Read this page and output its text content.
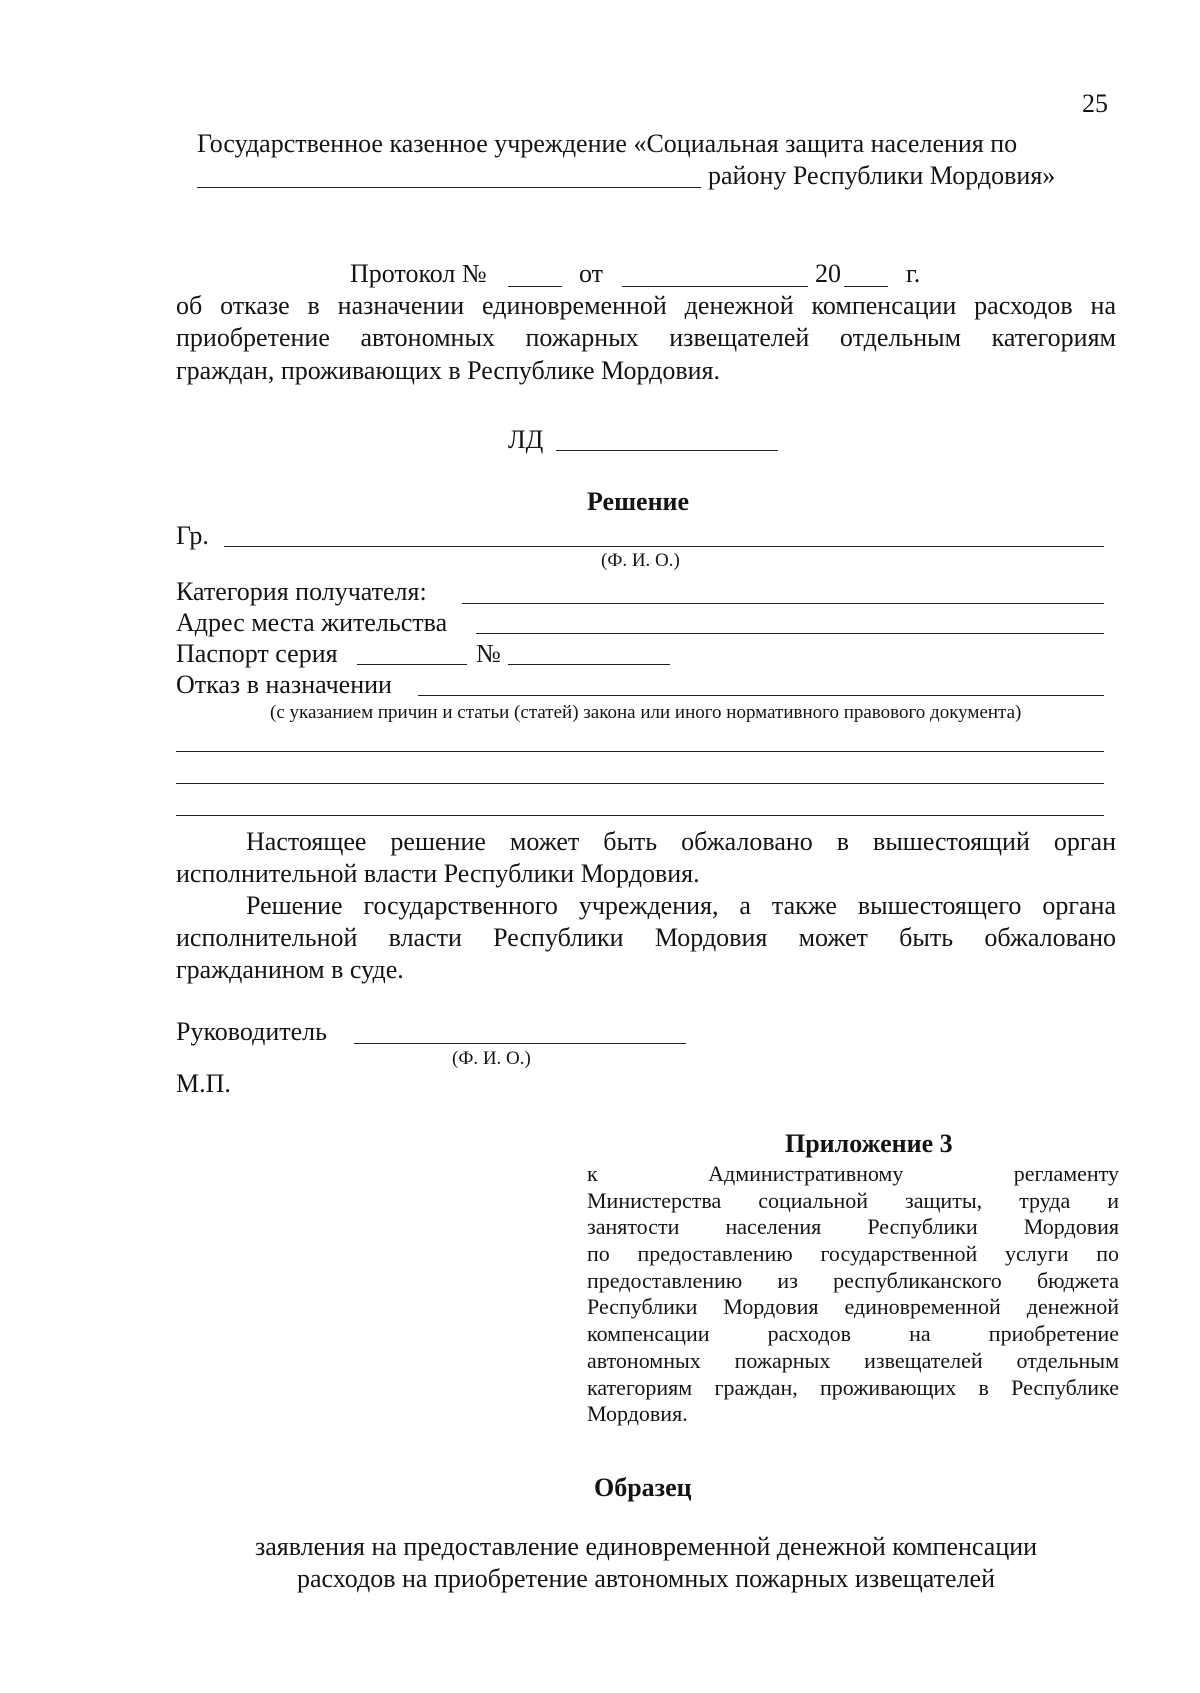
25
Государственное казенное учреждение «Социальная защита населения по
району Республики Мордовия»
Протокол №	от	20	г.
об отказе в назначении единовременной денежной компенсации расходов на
приобретение автономных пожарных извещателей отдельным категориям
граждан, проживающих в Республике Мордовия.
ЛД
Решение
Гр.
(Ф. И. О.)
Категория получателя:
Адрес места жительства
Паспорт серия	№
Отказ в назначении
(с указанием причин и статьи (статей) закона или иного нормативного правового документа)
Настоящее решение может быть обжаловано в вышестоящий орган
исполнительной власти Республики Мордовия.
Решение государственного учреждения, а также вышестоящего органа
исполнительной власти Республики Мордовия может быть обжаловано
гражданином в суде.
Руководитель
(Ф. И. О.)
М.П.
Приложение 3
к Административному регламенту
Министерства социальной защиты, труда и
занятости населения Республики Мордовия
по предоставлению государственной услуги по
предоставлению из республиканского бюджета
Республики Мордовия единовременной денежной
компенсации расходов на приобретение
автономных пожарных извещателей отдельным
категориям граждан, проживающих в Республике
Мордовия.
Образец
заявления на предоставление единовременной денежной компенсации
расходов на приобретение автономных пожарных извещателей
